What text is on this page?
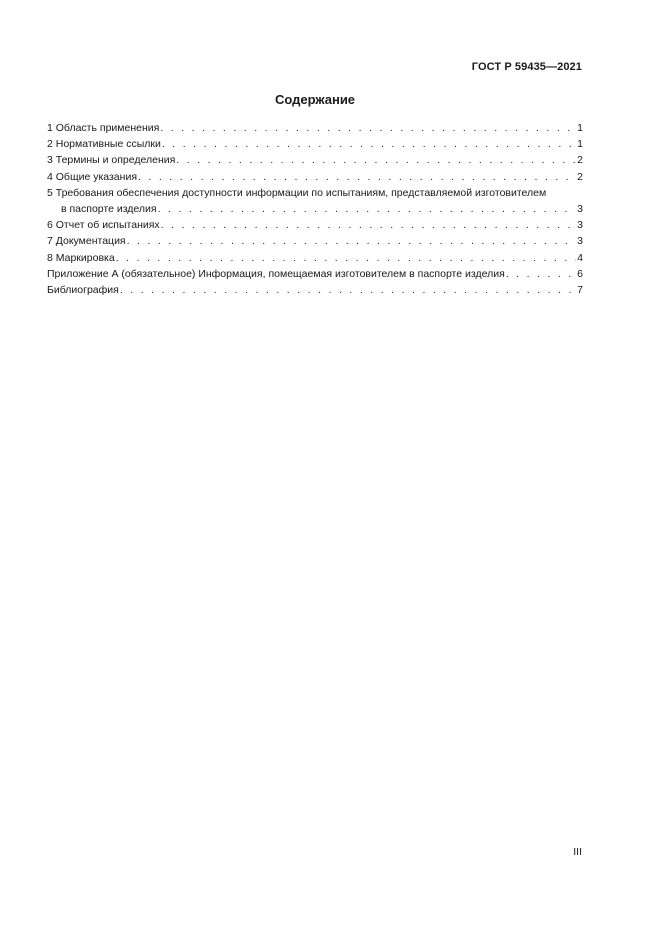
ГОСТ Р 59435—2021
Содержание
1 Область применения . . .	1
2 Нормативные ссылки . . .	1
3 Термины и определения . . .	2
4 Общие указания . . .	2
5 Требования обеспечения доступности информации по испытаниям, представляемой изготовителем
в паспорте изделия . . .	3
6 Отчет об испытаниях . . .	3
7 Документация . . .	3
8 Маркировка . . .	4
Приложение А (обязательное) Информация, помещаемая изготовителем в паспорте изделия . . .	6
Библиография . . .	7
III
